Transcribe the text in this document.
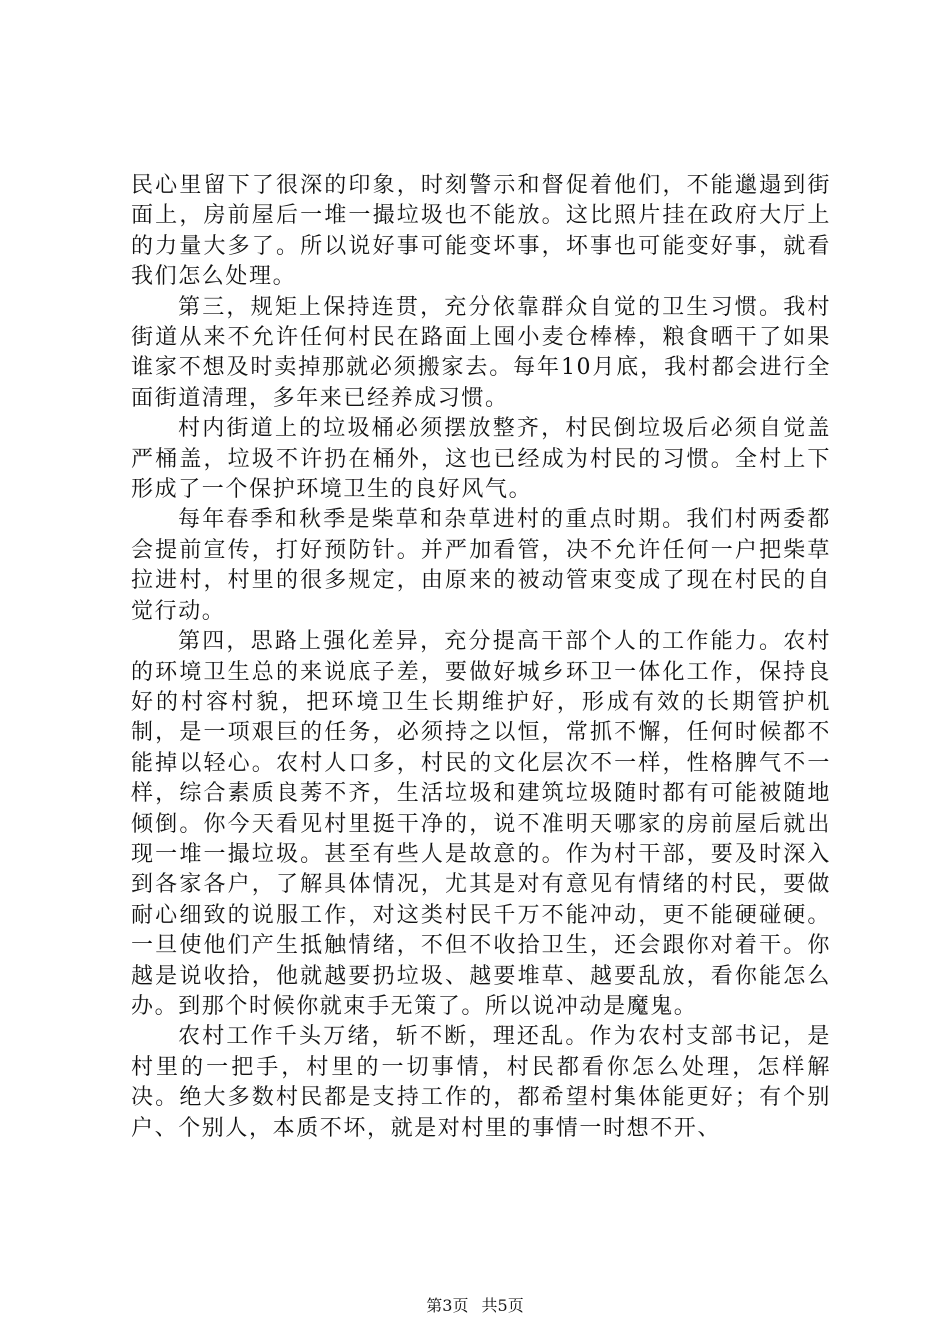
民心里留下了很深的印象，时刻警示和督促着他们，不能邋遢到街面上，房前屋后一堆一撮垃圾也不能放。这比照片挂在政府大厅上的力量大多了。所以说好事可能变坏事，坏事也可能变好事，就看我们怎么处理。

第三，规矩上保持连贯，充分依靠群众自觉的卫生习惯。我村街道从来不允许任何村民在路面上囤小麦仓棒棒，粮食晒干了如果谁家不想及时卖掉那就必须搬家去。每年10月底，我村都会进行全面街道清理，多年来已经养成习惯。

村内街道上的垃圾桶必须摆放整齐，村民倒垃圾后必须自觉盖严桶盖，垃圾不许扔在桶外，这也已经成为村民的习惯。全村上下形成了一个保护环境卫生的良好风气。

每年春季和秋季是柴草和杂草进村的重点时期。我们村两委都会提前宣传，打好预防针。并严加看管，决不允许任何一户把柴草拉进村，村里的很多规定，由原来的被动管束变成了现在村民的自觉行动。

第四，思路上强化差异，充分提高干部个人的工作能力。农村的环境卫生总的来说底子差，要做好城乡环卫一体化工作，保持良好的村容村貌，把环境卫生长期维护好，形成有效的长期管护机制，是一项艰巨的任务，必须持之以恒，常抓不懈，任何时候都不能掉以轻心。农村人口多，村民的文化层次不一样，性格脾气不一样，综合素质良莠不齐，生活垃圾和建筑垃圾随时都有可能被随地倾倒。你今天看见村里挺干净的，说不准明天哪家的房前屋后就出现一堆一撮垃圾。甚至有些人是故意的。作为村干部，要及时深入到各家各户，了解具体情况，尤其是对有意见有情绪的村民，要做耐心细致的说服工作，对这类村民千万不能冲动，更不能硬碰硬。一旦使他们产生抵触情绪，不但不收拾卫生，还会跟你对着干。你越是说收拾，他就越要扔垃圾、越要堆草、越要乱放，看你能怎么办。到那个时候你就束手无策了。所以说冲动是魔鬼。

农村工作千头万绪，斩不断，理还乱。作为农村支部书记，是村里的一把手，村里的一切事情，村民都看你怎么处理，怎样解决。绝大多数村民都是支持工作的，都希望村集体能更好；有个别户、个别人，本质不坏，就是对村里的事情一时想不开、

第3页 共5页
